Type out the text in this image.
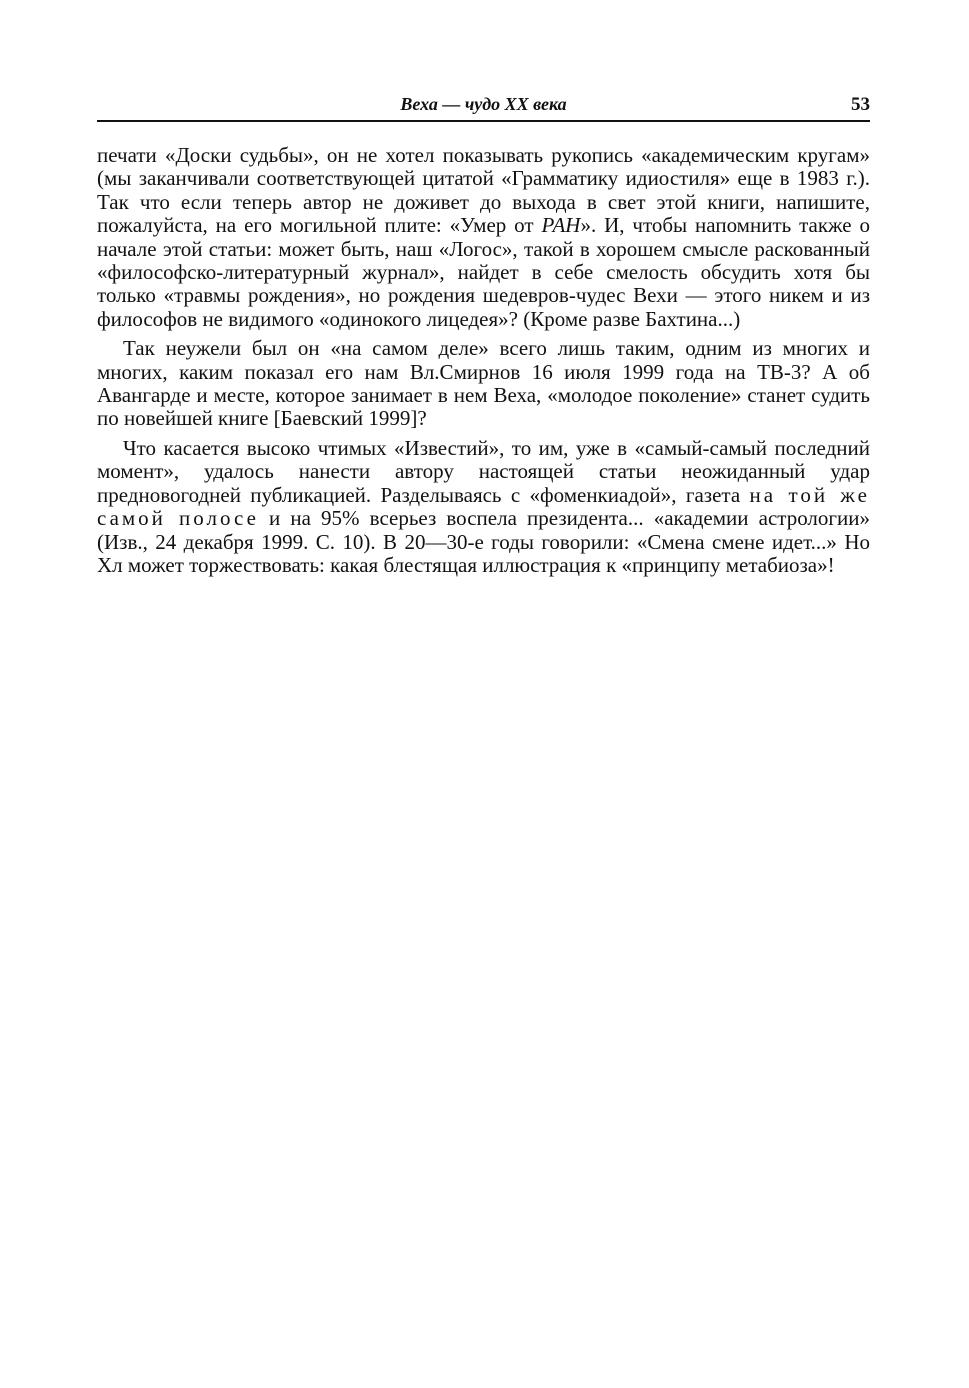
Веха — чудо XX века	53

печати «Доски судьбы», он не хотел показывать рукопись «академическим кругам» (мы заканчивали соответствующей цитатой «Грамматику идиостиля» еще в 1983 г.). Так что если теперь автор не доживет до выхода в свет этой книги, напишите, пожалуйста, на его могильной плите: «Умер от РАН». И, чтобы напомнить также о начале этой статьи: может быть, наш «Логос», такой в хорошем смысле раскованный «философско-литературный журнал», найдет в себе смелость обсудить хотя бы только «травмы рождения», но рождения шедевров-чудес Вехи — этого никем и из философов не видимого «одинокого лицедея»? (Кроме разве Бахтина...)

Так неужели был он «на самом деле» всего лишь таким, одним из многих и многих, каким показал его нам Вл.Смирнов 16 июля 1999 года на ТВ-3? А об Авангарде и месте, которое занимает в нем Веха, «молодое поколение» станет судить по новейшей книге [Баевский 1999]?

Что касается высоко чтимых «Известий», то им, уже в «самый-самый последний момент», удалось нанести автору настоящей статьи неожиданный удар предновогодней публикацией. Разделываясь с «фоменкиадой», газета на той же самой полосе и на 95% всерьез воспела президента... «академии астрологии» (Изв., 24 декабря 1999. С. 10). В 20—30-е годы говорили: «Смена смене идет...» Но Хл может торжествовать: какая блестящая иллюстрация к «принципу метабиоза»!
